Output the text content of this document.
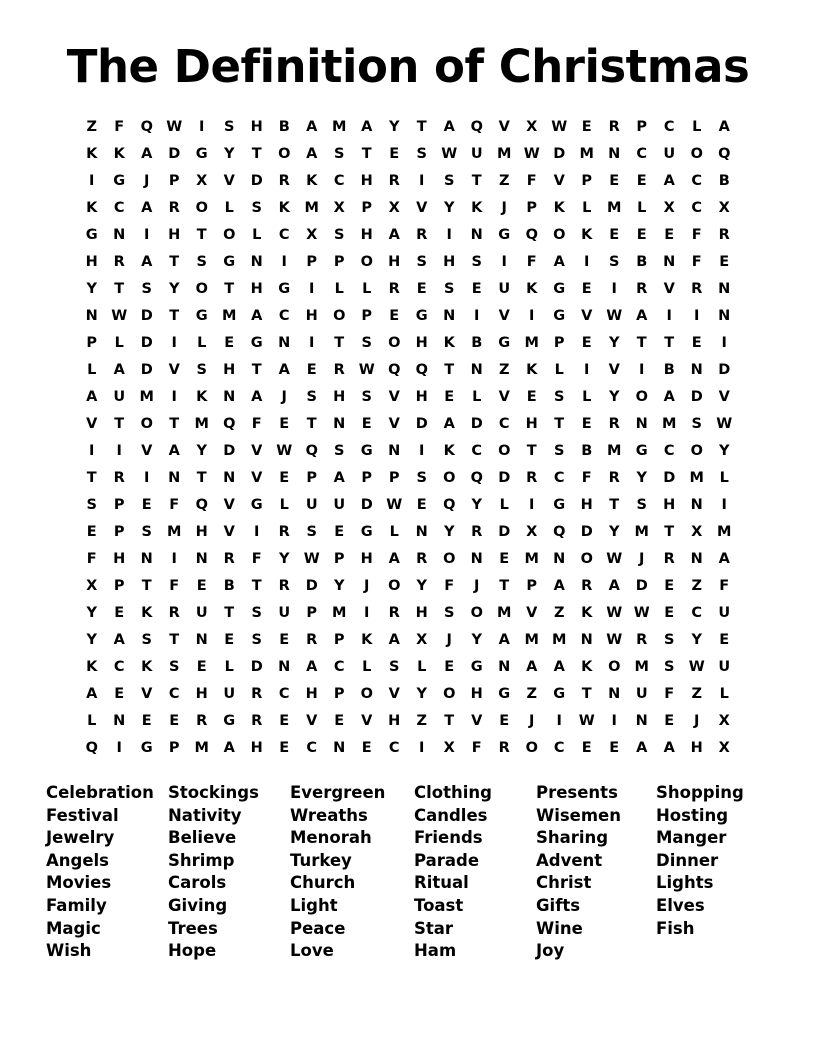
The Definition of Christmas
Z	F	Q	W	I	S	H	B	A	M	A	Y	T	A	Q	V	X	W	E	R	P	C	L	A
K	K	A	D	G	Y	T	O	A	S	T	E	S	W	U	M	W	D	M	N	C	U	O	Q
I	G	J	P	X	V	D	R	K	C	H	R	I	S	T	Z	F	V	P	E	E	A	C	B
K	C	A	R	O	L	S	K	M	X	P	X	V	Y	K	J	P	K	L	M	L	X	C	X
G	N	I	H	T	O	L	C	X	S	H	A	R	I	N	G	Q	O	K	E	E	E	F	R
H	R	A	T	S	G	N	I	P	P	O	H	S	H	S	I	F	A	I	S	B	N	F	E
Y	T	S	Y	O	T	H	G	I	L	L	R	E	S	E	U	K	G	E	I	R	V	R	N
N	W	D	T	G	M	A	C	H	O	P	E	G	N	I	V	I	G	V	W	A	I	I	N
P	L	D	I	L	E	G	N	I	T	S	O	H	K	B	G	M	P	E	Y	T	T	E	I
L	A	D	V	S	H	T	A	E	R	W	Q	Q	T	N	Z	K	L	I	V	I	B	N	D
A	U	M	I	K	N	A	J	S	H	S	V	H	E	L	V	E	S	L	Y	O	A	D	V
V	T	O	T	M	Q	F	E	T	N	E	V	D	A	D	C	H	T	E	R	N	M	S	W
I	I	V	A	Y	D	V	W	Q	S	G	N	I	K	C	O	T	S	B	M	G	C	O	Y
T	R	I	N	T	N	V	E	P	A	P	P	S	O	Q	D	R	C	F	R	Y	D	M	L
S	P	E	F	Q	V	G	L	U	U	D	W	E	Q	Y	L	I	G	H	T	S	H	N	I
E	P	S	M	H	V	I	R	S	E	G	L	N	Y	R	D	X	Q	D	Y	M	T	X	M
F	H	N	I	N	R	F	Y	W	P	H	A	R	O	N	E	M	N	O	W	J	R	N	A
X	P	T	F	E	B	T	R	D	Y	J	O	Y	F	J	T	P	A	R	A	D	E	Z	F
Y	E	K	R	U	T	S	U	P	M	I	R	H	S	O	M	V	Z	K	W	W	E	C	U
Y	A	S	T	N	E	S	E	R	P	K	A	X	J	Y	A	M	M	N	W	R	S	Y	E
K	C	K	S	E	L	D	N	A	C	L	S	L	E	G	N	A	A	K	O	M	S	W	U
A	E	V	C	H	U	R	C	H	P	O	V	Y	O	H	G	Z	G	T	N	U	F	Z	L
L	N	E	E	R	G	R	E	V	E	V	H	Z	T	V	E	J	I	W	I	N	E	J	X
Q	I	G	P	M	A	H	E	C	N	E	C	I	X	F	R	O	C	E	E	A	A	H	X
Celebration
Festival
Jewelry
Angels
Movies
Family
Magic
Wish
Stockings
Nativity
Believe
Shrimp
Carols
Giving
Trees
Hope
Evergreen
Wreaths
Menorah
Turkey
Church
Light
Peace
Love
Clothing
Candles
Friends
Parade
Ritual
Toast
Star
Ham
Presents
Wisemen
Sharing
Advent
Christ
Gifts
Wine
Joy
Shopping
Hosting
Manger
Dinner
Lights
Elves
Fish
